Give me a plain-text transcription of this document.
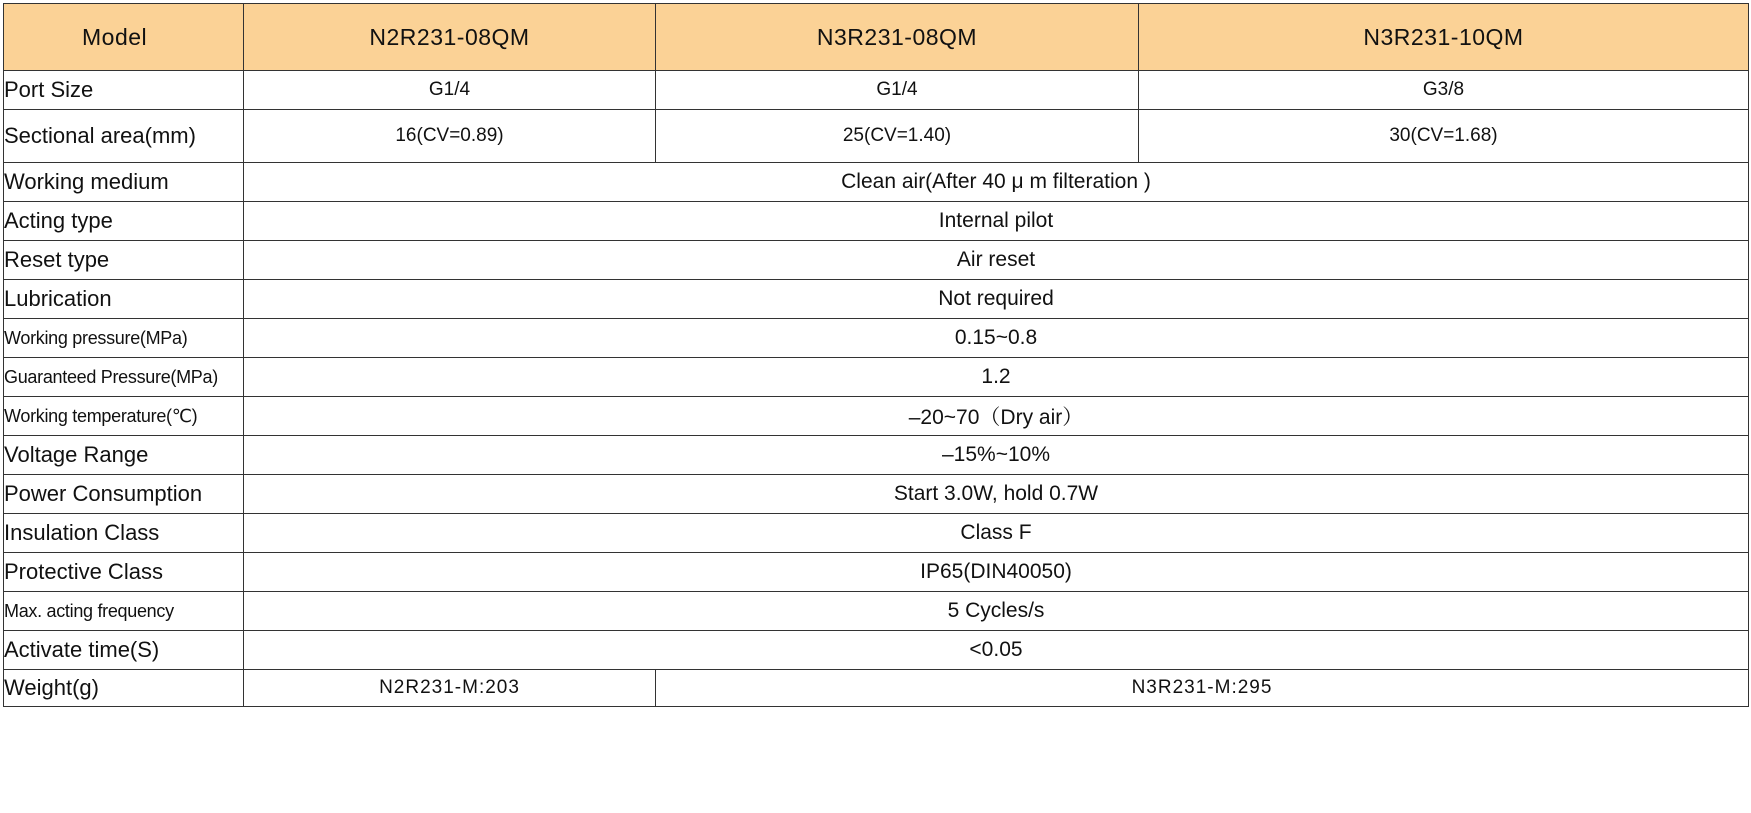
Model	N2R231-08QM	N3R231-08QM	N3R231-10QM
Port Size	G1/4	G1/4	G3/8
Sectional area(mm)	16(CV=0.89)	25(CV=1.40)	30(CV=1.68)
Working medium	Clean air(After 40 μ m filteration )		
Acting type	Internal pilot		
Reset type	Air reset		
Lubrication	Not required		
Working pressure(MPa)	0.15~0.8		
Guaranteed Pressure(MPa)	1.2		
Working temperature(℃)	–20~70（Dry air）		
Voltage Range	–15%~10%		
Power Consumption	Start 3.0W, hold 0.7W		
Insulation Class	Class F		
Protective Class	IP65(DIN40050)		
Max. acting frequency	5 Cycles/s		
Activate time(S)	<0.05		
Weight(g)	N2R231-M:203	N3R231-M:295	
